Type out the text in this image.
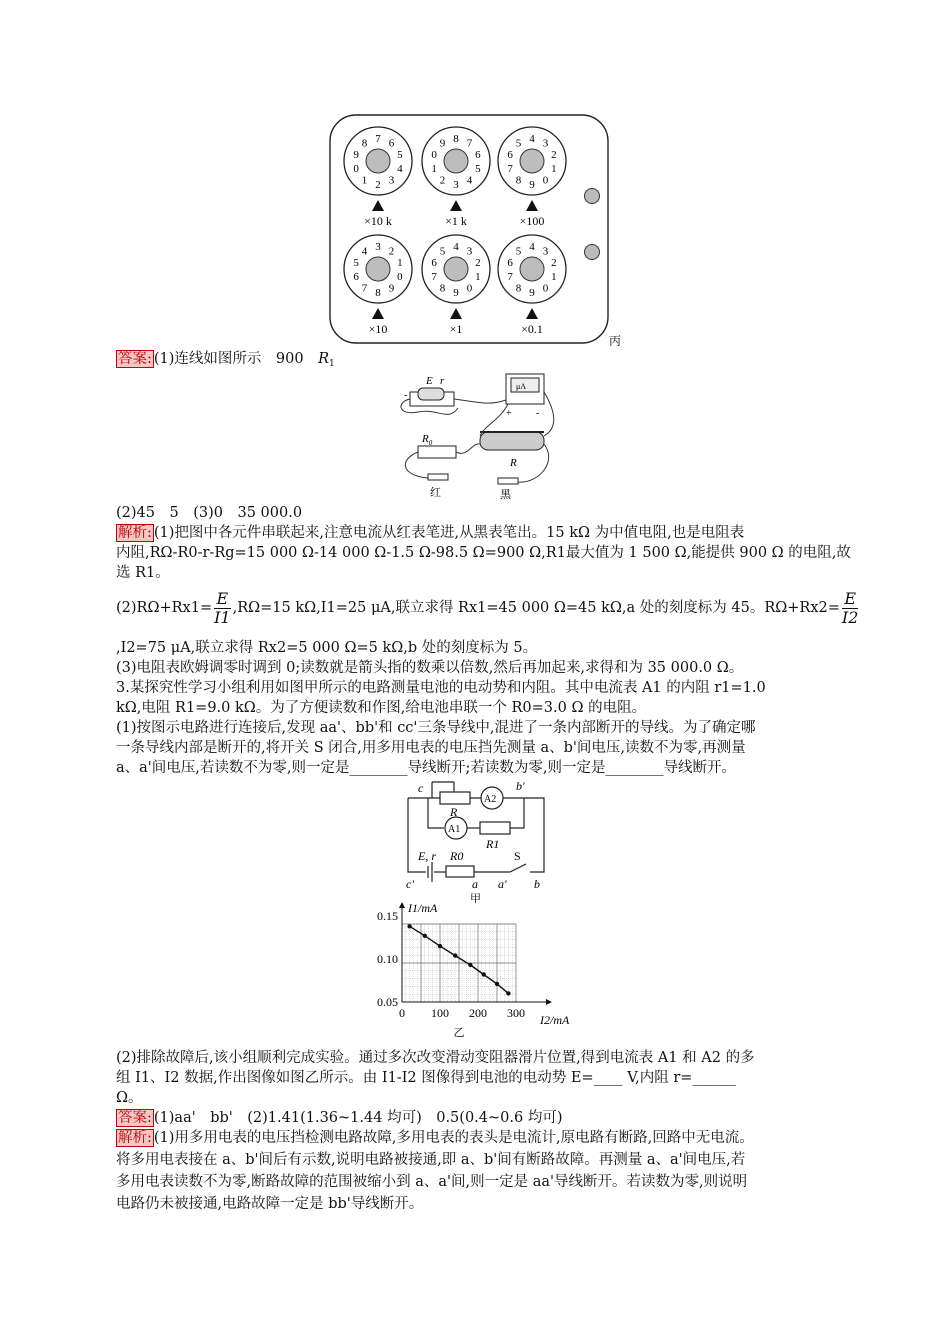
7
8
9
0
1 2 3
4
5
6
×10 k
8
9
0
1
2 3 4
5
6
7
×1 k
4
5
6
7
8 9 0
1
2
3
×100
3
4
5
6
7 8 9
0
1
2
×10
4
5
6
7
8 9 0
1
2
3
×1
4
5
6
7
8 9 0
1
2
3
×0.1
丙
答案: (1)连线如图所示　900　$R_1$
E r
-
μA
+ -
$R_0$
R
红	黑
(2)45　5　(3)0　35 000.0
解析: (1)把图中各元件串联起来,注意电流从红表笔进,从黑表笔出。15 kΩ 为中值电阻,也是电阻表
内阻,RΩ-R0-r-Rg=15 000 Ω-14 000 Ω-1.5 Ω-98.5 Ω=900 Ω,R1最大值为 1 500 Ω,能提供 900 Ω 的电阻,故
选 R1。
$(2)R\Omega+Rx1= \frac{E}{I1} ,R\Omega=15$ kΩ,I1=25 μA,联立求得 Rx1=45 000 Ω=45 kΩ,a 处的刻度标为 45。$R\Omega+Rx2= \frac{E}{I2}$
,I2=75 μA,联立求得 Rx2=5 000 Ω=5 kΩ,b 处的刻度标为 5。
(3)电阻表欧姆调零时调到 0;读数就是箭头指的数乘以倍数,然后再加起来,求得和为 35 000.0 Ω。
3.某探究性学习小组利用如图甲所示的电路测量电池的电动势和内阻。其中电流表 A1 的内阻 r1=1.0
kΩ,电阻 R1=9.0 kΩ。为了方便读数和作图,给电池串联一个 R0=3.0 Ω 的电阻。
(1)按图示电路进行连接后,发现 aa'、bb'和 cc'三条导线中,混进了一条内部断开的导线。为了确定哪
一条导线内部是断开的,将开关 S 闭合,用多用电表的电压挡先测量 a、b'间电压,读数不为零,再测量
a、a'间电压,若读数不为零,则一定是________导线断开;若读数为零,则一定是________导线断开。
c	b'
R
A2
A1
R1
E, r R0	S
c'	a a' b
甲
0.15
0.10
0.05
0 100 200 300
I1/mA
I2/mA
乙
(2)排除故障后,该小组顺利完成实验。通过多次改变滑动变阻器滑片位置,得到电流表 A1 和 A2 的多
组 I1、I2 数据,作出图像如图乙所示。由 I1-I2 图像得到电池的电动势 E=____ V,内阻 r=______
Ω。
答案: (1)aa'　bb'　(2)1.41(1.36~1.44 均可)　0.5(0.4~0.6 均可)
解析: (1)用多用电表的电压挡检测电路故障,多用电表的表头是电流计,原电路有断路,回路中无电流。
将多用电表接在 a、b'间后有示数,说明电路被接通,即 a、b'间有断路故障。再测量 a、a'间电压,若
多用电表读数不为零,断路故障的范围被缩小到 a、a'间,则一定是 aa'导线断开。若读数为零,则说明
电路仍未被接通,电路故障一定是 bb'导线断开。
